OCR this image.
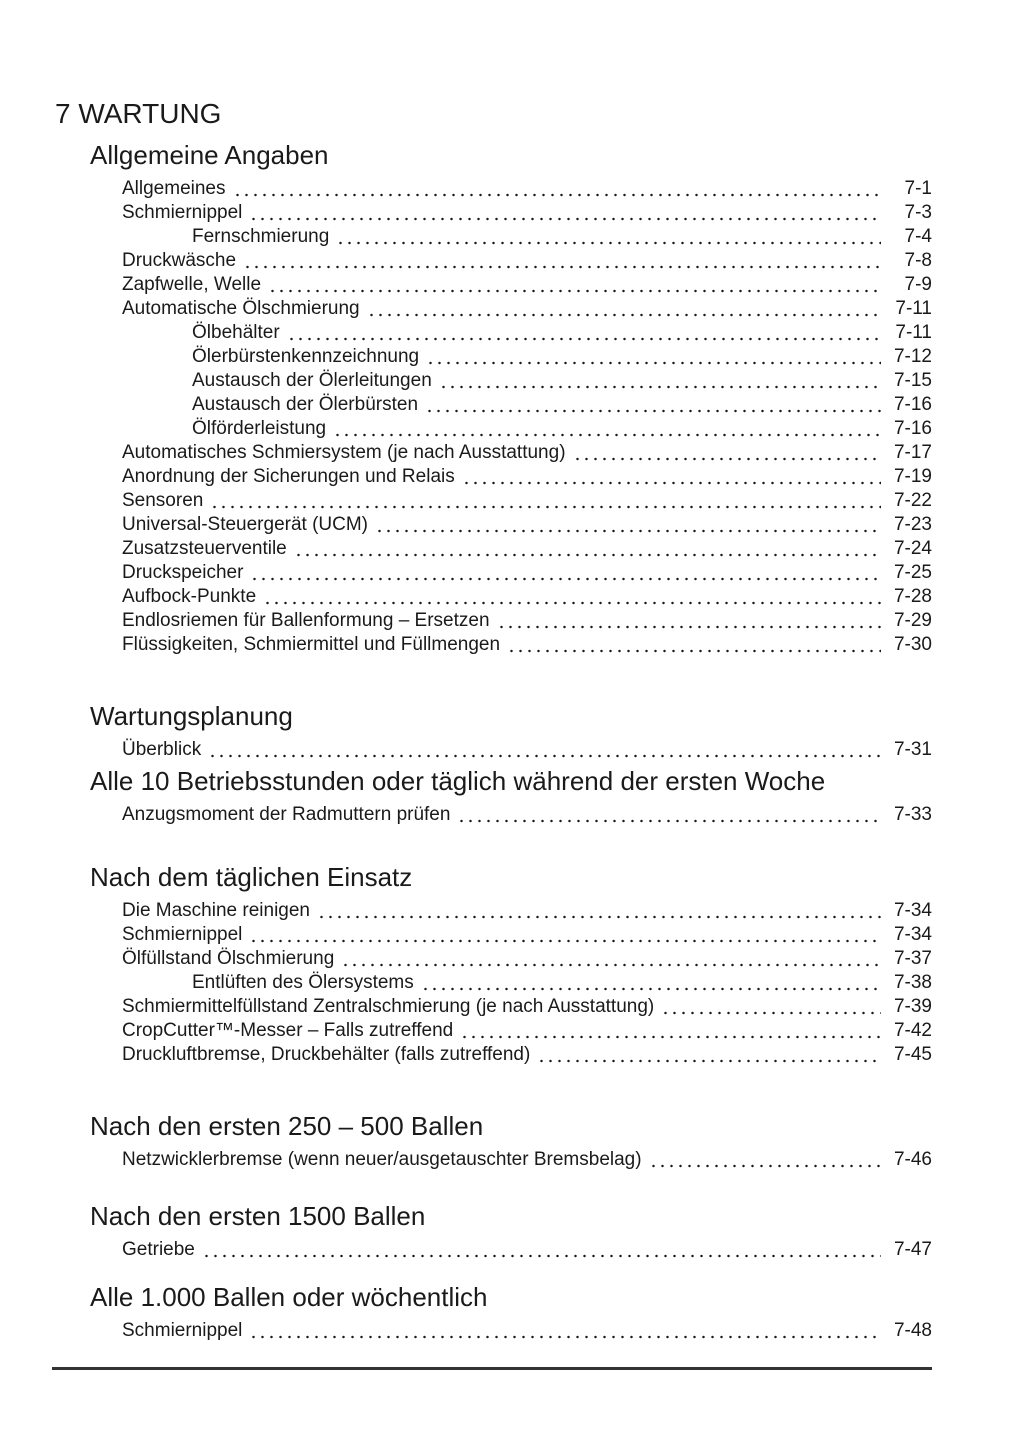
7 WARTUNG
Allgemeine Angaben
Allgemeines	7-1
Schmiernippel	7-3
Fernschmierung	7-4
Druckwäsche	7-8
Zapfwelle, Welle	7-9
Automatische Ölschmierung	7-11
Ölbehälter	7-11
Ölerbürstenkennzeichnung	7-12
Austausch der Ölerleitungen	7-15
Austausch der Ölerbürsten	7-16
Ölförderleistung	7-16
Automatisches Schmiersystem (je nach Ausstattung)	7-17
Anordnung der Sicherungen und Relais	7-19
Sensoren	7-22
Universal-Steuergerät (UCM)	7-23
Zusatzsteuerventile	7-24
Druckspeicher	7-25
Aufbock-Punkte	7-28
Endlosriemen für Ballenformung – Ersetzen	7-29
Flüssigkeiten, Schmiermittel und Füllmengen	7-30
Wartungsplanung
Überblick	7-31
Alle 10 Betriebsstunden oder täglich während der ersten Woche
Anzugsmoment der Radmuttern prüfen	7-33
Nach dem täglichen Einsatz
Die Maschine reinigen	7-34
Schmiernippel	7-34
Ölfüllstand Ölschmierung	7-37
Entlüften des Ölersystems	7-38
Schmiermittelfüllstand Zentralschmierung (je nach Ausstattung)	7-39
CropCutter™-Messer – Falls zutreffend	7-42
Druckluftbremse, Druckbehälter (falls zutreffend)	7-45
Nach den ersten 250 – 500 Ballen
Netzwicklerbremse (wenn neuer/ausgetauschter Bremsbelag)	7-46
Nach den ersten 1500 Ballen
Getriebe	7-47
Alle 1.000 Ballen oder wöchentlich
Schmiernippel	7-48
